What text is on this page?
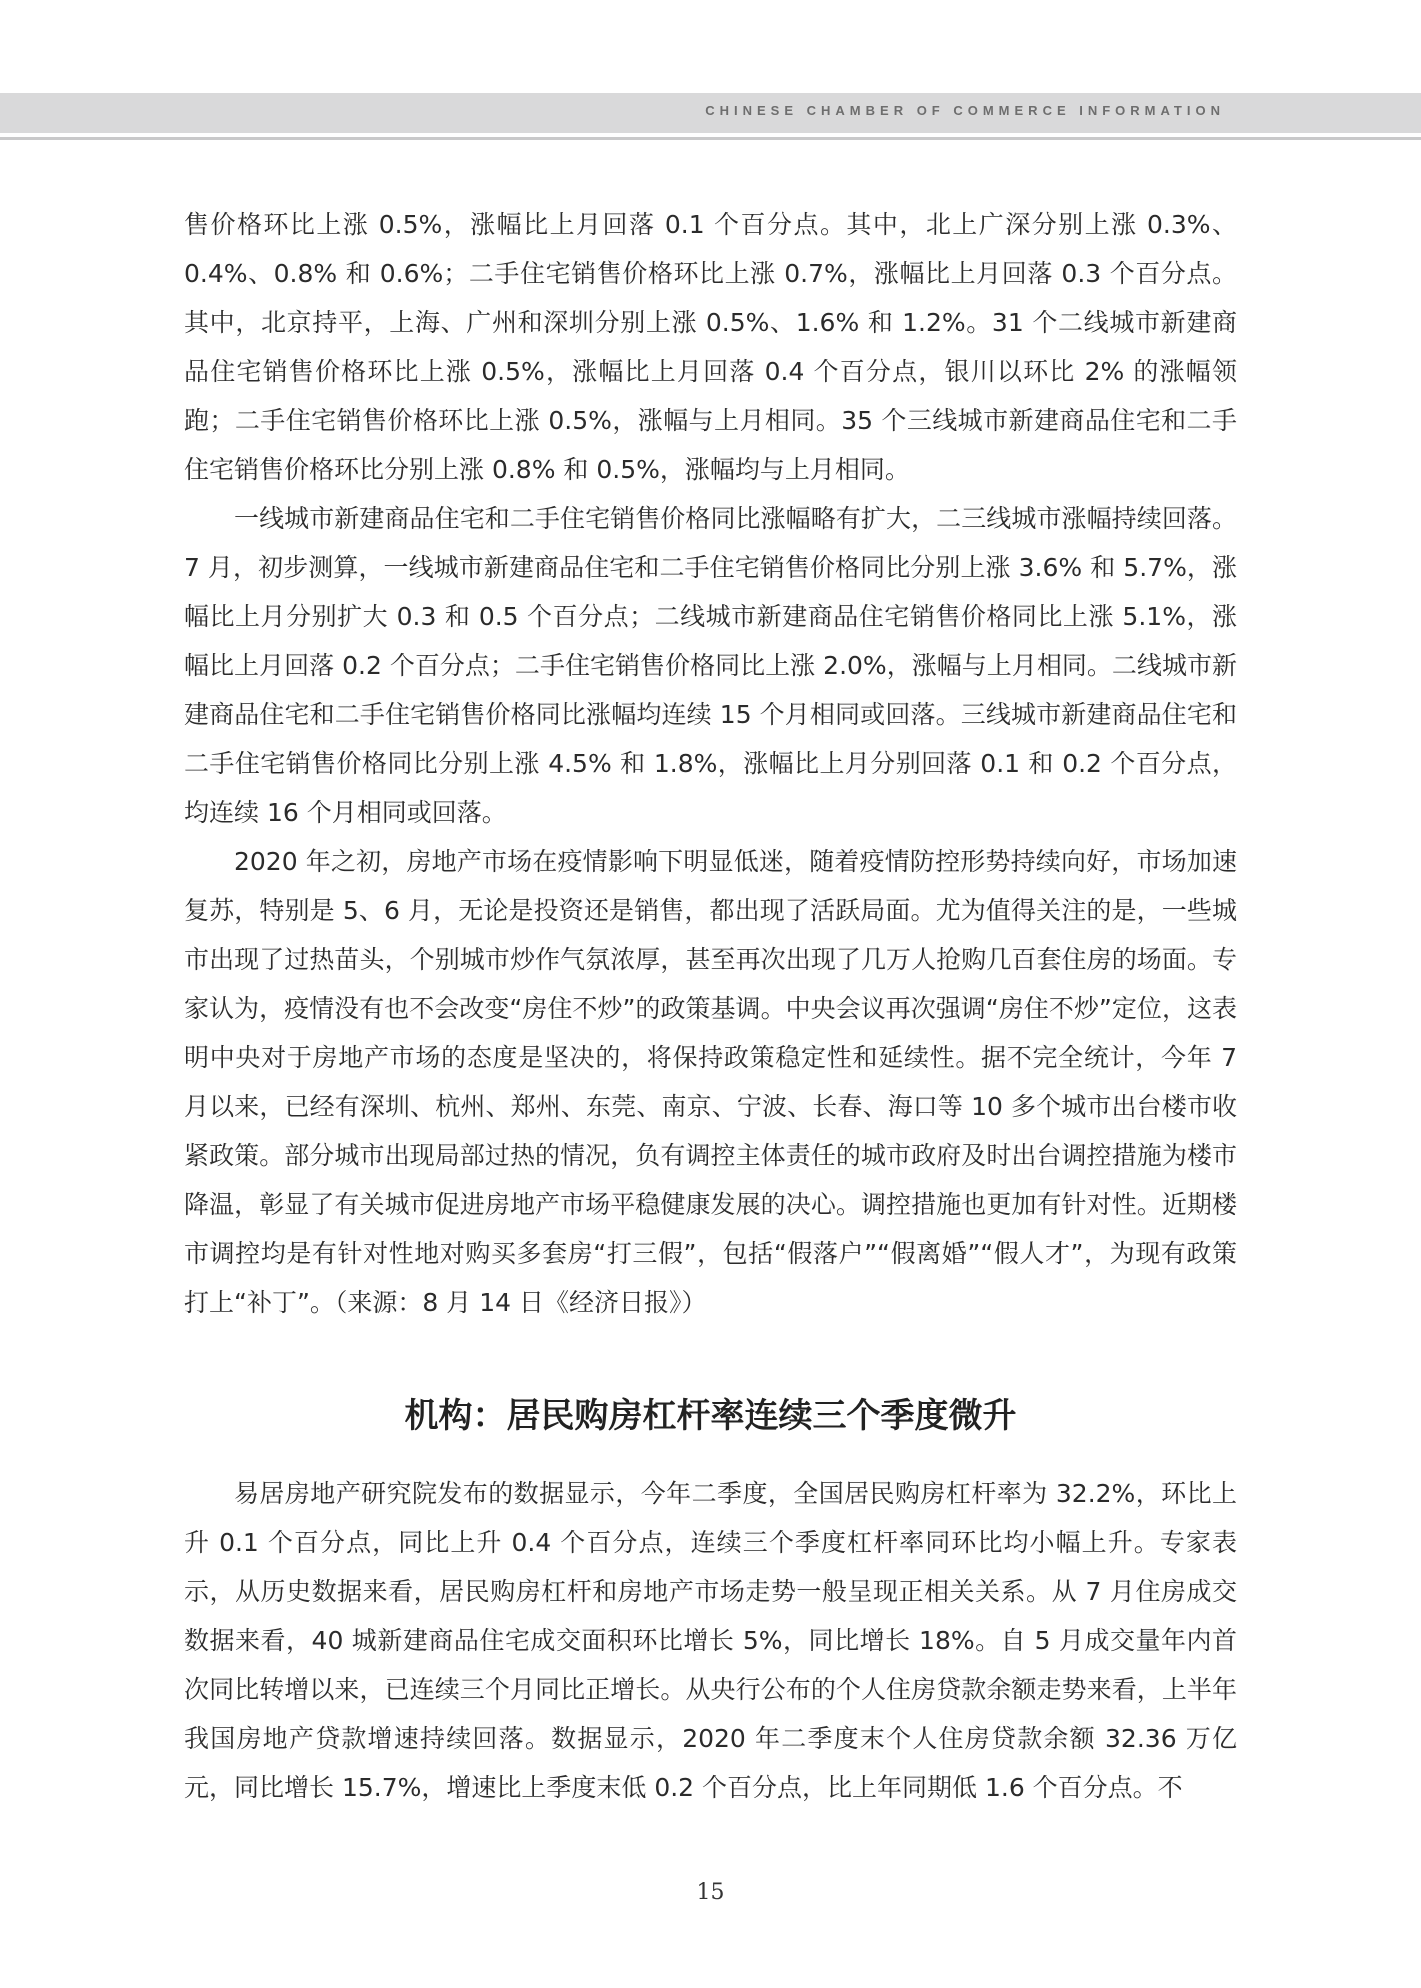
CHINESE CHAMBER OF COMMERCE INFORMATION

售价格环比上涨 0.5%，涨幅比上月回落 0.1 个百分点。其中，北上广深分别上涨 0.3%、0.4%、0.8% 和 0.6%；二手住宅销售价格环比上涨 0.7%，涨幅比上月回落 0.3 个百分点。其中，北京持平，上海、广州和深圳分别上涨 0.5%、1.6% 和 1.2%。31 个二线城市新建商品住宅销售价格环比上涨 0.5%，涨幅比上月回落 0.4 个百分点，银川以环比 2% 的涨幅领跑；二手住宅销售价格环比上涨 0.5%，涨幅与上月相同。35 个三线城市新建商品住宅和二手住宅销售价格环比分别上涨 0.8% 和 0.5%，涨幅均与上月相同。

一线城市新建商品住宅和二手住宅销售价格同比涨幅略有扩大，二三线城市涨幅持续回落。7 月，初步测算，一线城市新建商品住宅和二手住宅销售价格同比分别上涨 3.6% 和 5.7%，涨幅比上月分别扩大 0.3 和 0.5 个百分点；二线城市新建商品住宅销售价格同比上涨 5.1%，涨幅比上月回落 0.2 个百分点；二手住宅销售价格同比上涨 2.0%，涨幅与上月相同。二线城市新建商品住宅和二手住宅销售价格同比涨幅均连续 15 个月相同或回落。三线城市新建商品住宅和二手住宅销售价格同比分别上涨 4.5% 和 1.8%，涨幅比上月分别回落 0.1 和 0.2 个百分点，均连续 16 个月相同或回落。

2020 年之初，房地产市场在疫情影响下明显低迷，随着疫情防控形势持续向好，市场加速复苏，特别是 5、6 月，无论是投资还是销售，都出现了活跃局面。尤为值得关注的是，一些城市出现了过热苗头，个别城市炒作气氛浓厚，甚至再次出现了几万人抢购几百套住房的场面。专家认为，疫情没有也不会改变“房住不炒”的政策基调。中央会议再次强调“房住不炒”定位，这表明中央对于房地产市场的态度是坚决的，将保持政策稳定性和延续性。据不完全统计，今年 7 月以来，已经有深圳、杭州、郑州、东莞、南京、宁波、长春、海口等 10 多个城市出台楼市收紧政策。部分城市出现局部过热的情况，负有调控主体责任的城市政府及时出台调控措施为楼市降温，彰显了有关城市促进房地产市场平稳健康发展的决心。调控措施也更加有针对性。近期楼市调控均是有针对性地对购买多套房“打三假”，包括“假落户”“假离婚”“假人才”，为现有政策打上“补丁”。（来源：8 月 14 日《经济日报》）

机构：居民购房杠杆率连续三个季度微升

易居房地产研究院发布的数据显示，今年二季度，全国居民购房杠杆率为 32.2%，环比上升 0.1 个百分点，同比上升 0.4 个百分点，连续三个季度杠杆率同环比均小幅上升。专家表示，从历史数据来看，居民购房杠杆和房地产市场走势一般呈现正相关关系。从 7 月住房成交数据来看，40 城新建商品住宅成交面积环比增长 5%，同比增长 18%。自 5 月成交量年内首次同比转增以来，已连续三个月同比正增长。从央行公布的个人住房贷款余额走势来看，上半年我国房地产贷款增速持续回落。数据显示，2020 年二季度末个人住房贷款余额 32.36 万亿元，同比增长 15.7%，增速比上季度末低 0.2 个百分点，比上年同期低 1.6 个百分点。不

15
